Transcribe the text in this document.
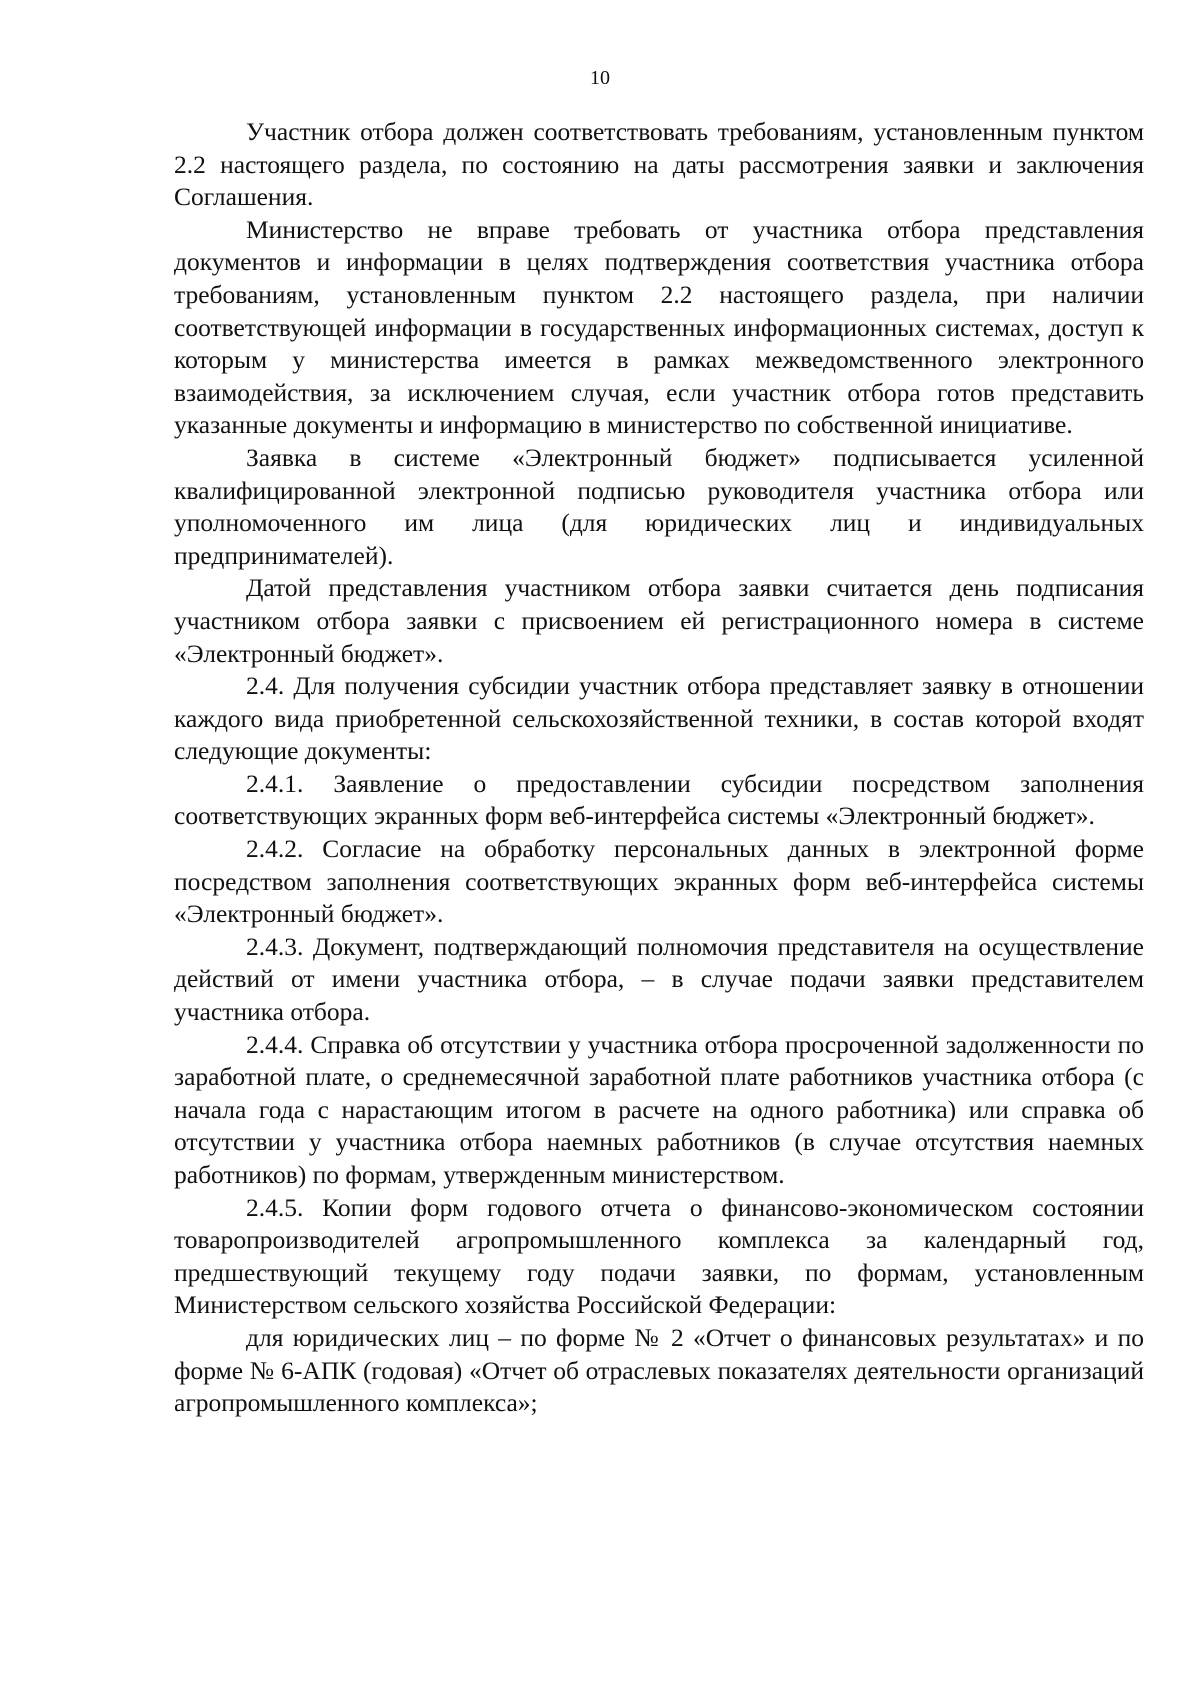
10

Участник отбора должен соответствовать требованиям, установленным пунктом 2.2 настоящего раздела, по состоянию на даты рассмотрения заявки и заключения Соглашения.

Министерство не вправе требовать от участника отбора представления документов и информации в целях подтверждения соответствия участника отбора требованиям, установленным пунктом 2.2 настоящего раздела, при наличии соответствующей информации в государственных информационных системах, доступ к которым у министерства имеется в рамках межведомственного электронного взаимодействия, за исключением случая, если участник отбора готов представить указанные документы и информацию в министерство по собственной инициативе.

Заявка в системе «Электронный бюджет» подписывается усиленной квалифицированной электронной подписью руководителя участника отбора или уполномоченного им лица (для юридических лиц и индивидуальных предпринимателей).

Датой представления участником отбора заявки считается день подписания участником отбора заявки с присвоением ей регистрационного номера в системе «Электронный бюджет».

2.4. Для получения субсидии участник отбора представляет заявку в отношении каждого вида приобретенной сельскохозяйственной техники, в состав которой входят следующие документы:

2.4.1. Заявление о предоставлении субсидии посредством заполнения соответствующих экранных форм веб-интерфейса системы «Электронный бюджет».

2.4.2. Согласие на обработку персональных данных в электронной форме посредством заполнения соответствующих экранных форм веб-интерфейса системы «Электронный бюджет».

2.4.3. Документ, подтверждающий полномочия представителя на осуществление действий от имени участника отбора, – в случае подачи заявки представителем участника отбора.

2.4.4. Справка об отсутствии у участника отбора просроченной задолженности по заработной плате, о среднемесячной заработной плате работников участника отбора (с начала года с нарастающим итогом в расчете на одного работника) или справка об отсутствии у участника отбора наемных работников (в случае отсутствия наемных работников) по формам, утвержденным министерством.

2.4.5. Копии форм годового отчета о финансово-экономическом состоянии товаропроизводителей агропромышленного комплекса за календарный год, предшествующий текущему году подачи заявки, по формам, установленным Министерством сельского хозяйства Российской Федерации:

для юридических лиц – по форме № 2 «Отчет о финансовых результатах» и по форме № 6-АПК (годовая) «Отчет об отраслевых показателях деятельности организаций агропромышленного комплекса»;
